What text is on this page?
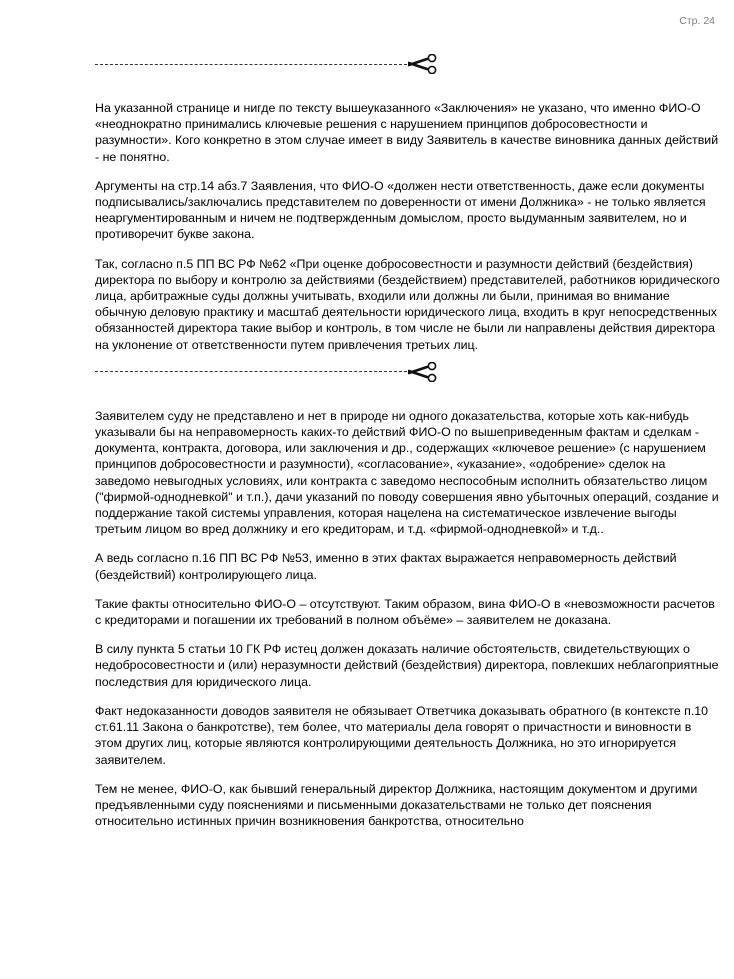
Стр. 24

На указанной странице и нигде по тексту вышеуказанного «Заключения» не указано, что именно ФИО-О «неоднократно принимались ключевые решения с нарушением принципов добросовестности и разумности». Кого конкретно в этом случае имеет в виду Заявитель в качестве виновника данных действий - не понятно.

Аргументы на стр.14 абз.7 Заявления, что ФИО-О «должен нести ответственность, даже если документы подписывались/заключались представителем по доверенности от имени Должника» - не только является неаргументированным и ничем не подтвержденным домыслом, просто выдуманным заявителем, но и противоречит букве закона.

Так, согласно п.5 ПП ВС РФ №62 «При оценке добросовестности и разумности действий (бездействия) директора по выбору и контролю за действиями (бездействием) представителей, работников юридического лица, арбитражные суды должны учитывать, входили или должны ли были, принимая во внимание обычную деловую практику и масштаб деятельности юридического лица, входить в круг непосредственных обязанностей директора такие выбор и контроль, в том числе не были ли направлены действия директора на уклонение от ответственности путем привлечения третьих лиц.

Заявителем суду не представлено и нет в природе ни одного доказательства, которые хоть как-нибудь указывали бы на неправомерность каких-то действий ФИО-О по вышеприведенным фактам и сделкам - документа, контракта, договора, или заключения и др., содержащих «ключевое решение» (с нарушением принципов добросовестности и разумности), «согласование», «указание», «одобрение» сделок на заведомо невыгодных условиях, или контракта с заведомо неспособным исполнить обязательство лицом ("фирмой-однодневкой" и т.п.), дачи указаний по поводу совершения явно убыточных операций, создание и поддержание такой системы управления, которая нацелена на систематическое извлечение выгоды третьим лицом во вред должнику и его кредиторам, и т.д. «фирмой-однодневкой» и т.д..

А ведь согласно п.16 ПП ВС РФ №53, именно в этих фактах выражается неправомерность действий (бездействий) контролирующего лица.

Такие факты относительно ФИО-О – отсутствуют. Таким образом, вина ФИО-О в «невозможности расчетов с кредиторами и погашении их требований в полном объёме» – заявителем не доказана.

В силу пункта 5 статьи 10 ГК РФ истец должен доказать наличие обстоятельств, свидетельствующих о недобросовестности и (или) неразумности действий (бездействия) директора, повлекших неблагоприятные последствия для юридического лица.

Факт недоказанности доводов заявителя не обязывает Ответчика доказывать обратного (в контексте п.10 ст.61.11 Закона о банкротстве), тем более, что материалы дела говорят о причастности и виновности в этом других лиц, которые являются контролирующими деятельность Должника, но это игнорируется заявителем.

Тем не менее, ФИО-О, как бывший генеральный директор Должника, настоящим документом и другими предъявленными суду пояснениями и письменными доказательствами не только дет пояснения относительно истинных причин возникновения банкротства, относительно
